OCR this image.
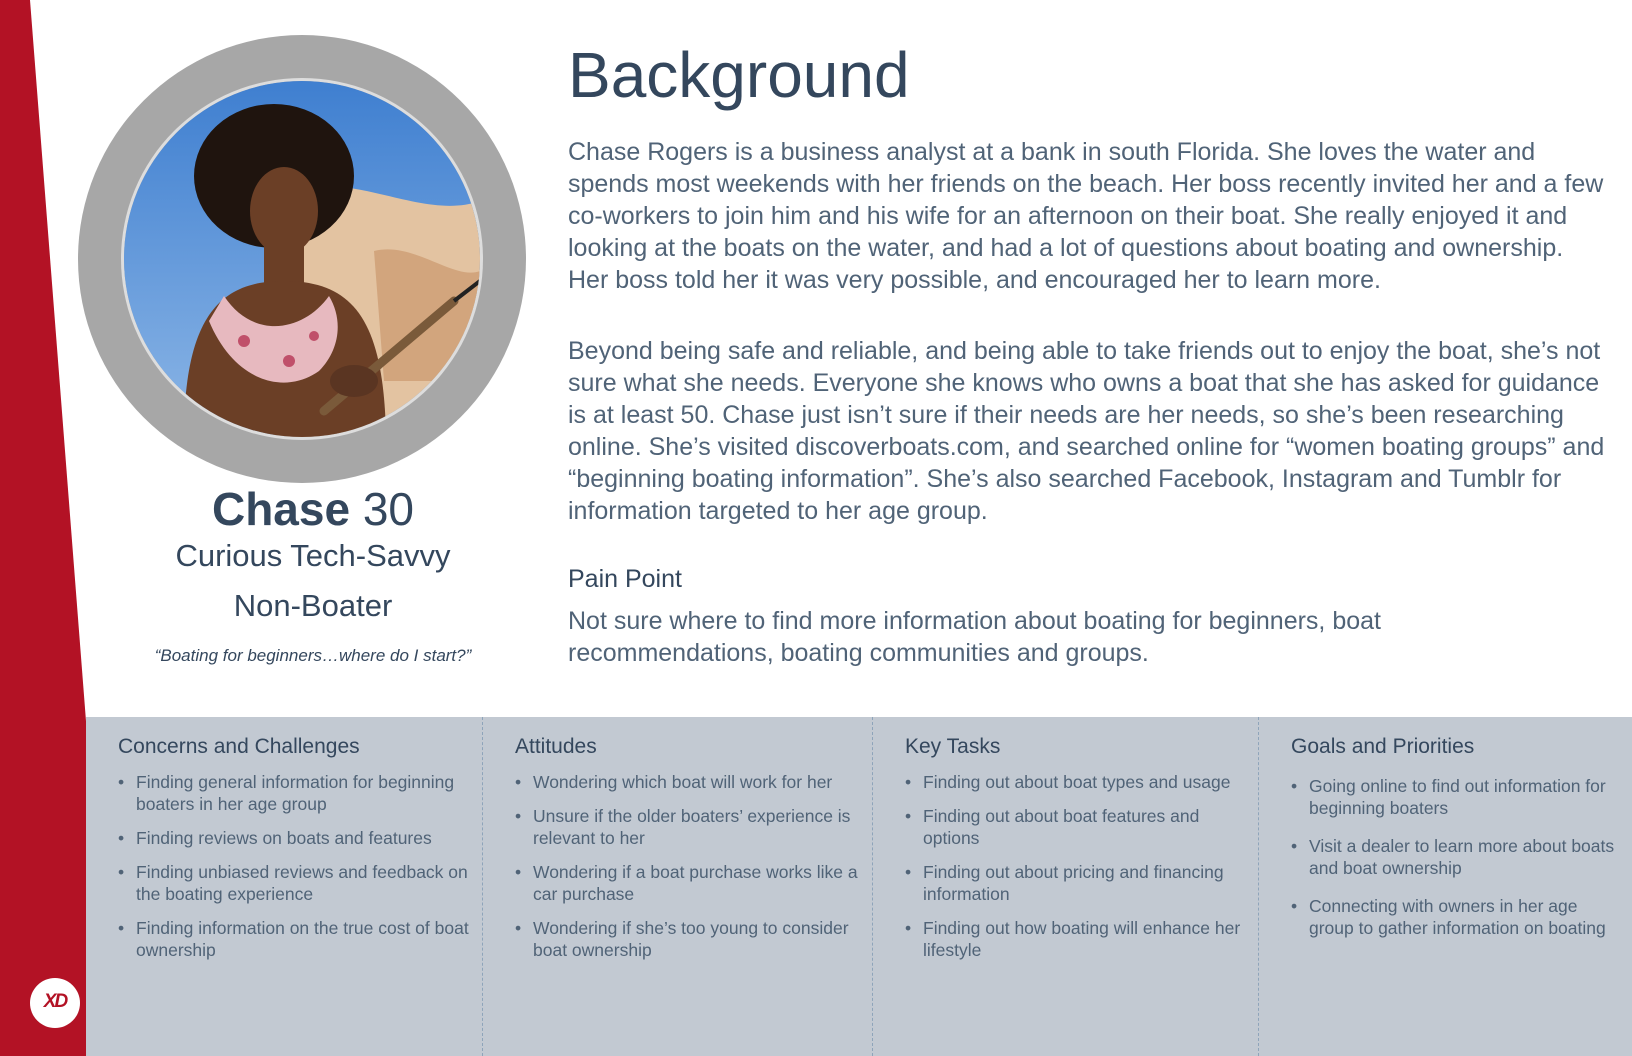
Chase 30
Curious Tech-Savvy
Non-Boater
“Boating for beginners…where do I start?”
Background

Chase Rogers is a business analyst at a bank in south Florida. She loves the water and spends most weekends with her friends on the beach. Her boss recently invited her and a few co-workers to join him and his wife for an afternoon on their boat. She really enjoyed it and looking at the boats on the water, and had a lot of questions about boating and ownership. Her boss told her it was very possible, and encouraged her to learn more.

Beyond being safe and reliable, and being able to take friends out to enjoy the boat, she’s not sure what she needs. Everyone she knows who owns a boat that she has asked for guidance is at least 50. Chase just isn’t sure if their needs are her needs, so she’s been researching online. She’s visited discoverboats.com, and searched online for “women boating groups” and “beginning boating information”. She’s also searched Facebook, Instagram and Tumblr for information targeted to her age group.

Pain Point

Not sure where to find more information about boating for beginners, boat recommendations, boating communities and groups.

Concerns and Challenges
• Finding general information for beginning boaters in her age group
• Finding reviews on boats and features
• Finding unbiased reviews and feedback on the boating experience
• Finding information on the true cost of boat ownership
Attitudes
• Wondering which boat will work for her
• Unsure if the older boaters’ experience is relevant to her
• Wondering if a boat purchase works like a car purchase
• Wondering if she’s too young to consider boat ownership
Key Tasks
• Finding out about boat types and usage
• Finding out about boat features and options
• Finding out about pricing and financing information
• Finding out how boating will enhance her lifestyle
Goals and Priorities
• Going online to find out information for beginning boaters
• Visit a dealer to learn more about boats and boat ownership
• Connecting with owners in her age group to gather information on boating
XD
